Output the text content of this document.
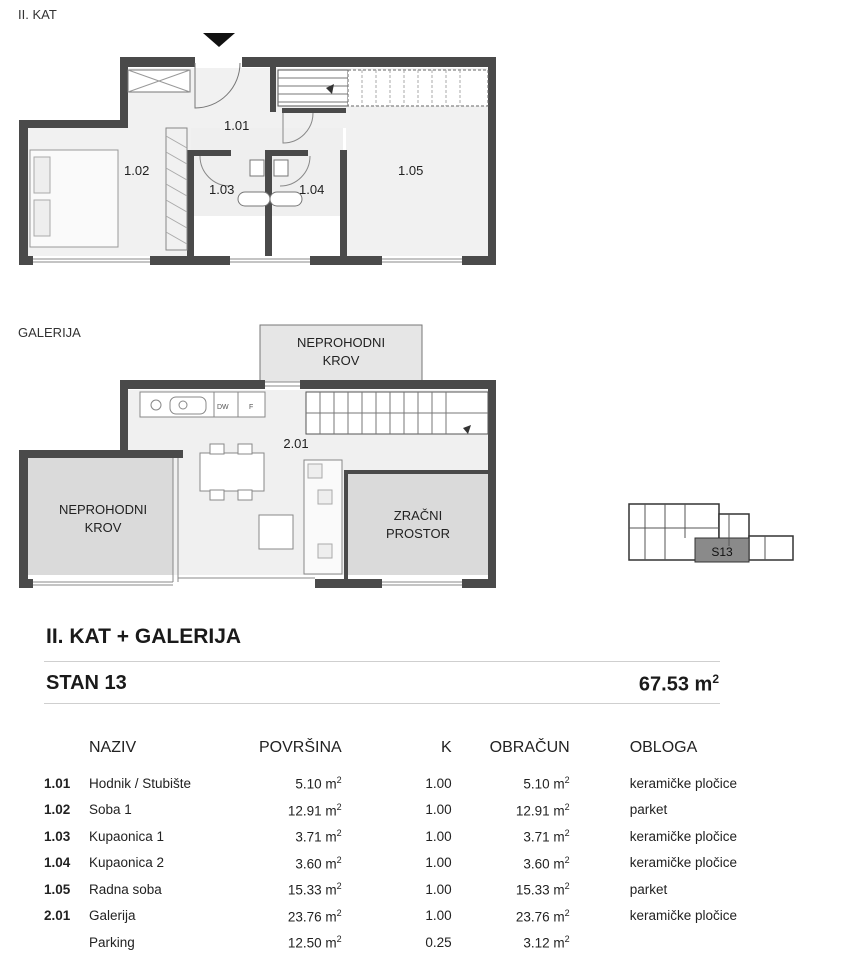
II. KAT
1.01
1.02
1.03	1.04
1.05
GALERIJA
DW	F
NEPROHODNI
KROV
2.01
NEPROHODNI
KROV
ZRAČNI
PROSTOR
S13
II. KAT + GALERIJA
STAN 13	67.53 $m^2$
	NAZIV	POVRŠINA	K	OBRAČUN	OBLOGA
1.01	Hodnik / Stubište	5.10 $m^2$	1.00	5.10 $m^2$	keramičke pločice
1.02	Soba 1	12.91 $m^2$	1.00	12.91 $m^2$	parket
1.03	Kupaonica 1	3.71 $m^2$	1.00	3.71 $m^2$	keramičke pločice
1.04	Kupaonica 2	3.60 $m^2$	1.00	3.60 $m^2$	keramičke pločice
1.05	Radna soba	15.33 $m^2$	1.00	15.33 $m^2$	parket
2.01	Galerija	23.76 $m^2$	1.00	23.76 $m^2$	keramičke pločice
	Parking	12.50 $m^2$	0.25	3.12 $m^2$	
